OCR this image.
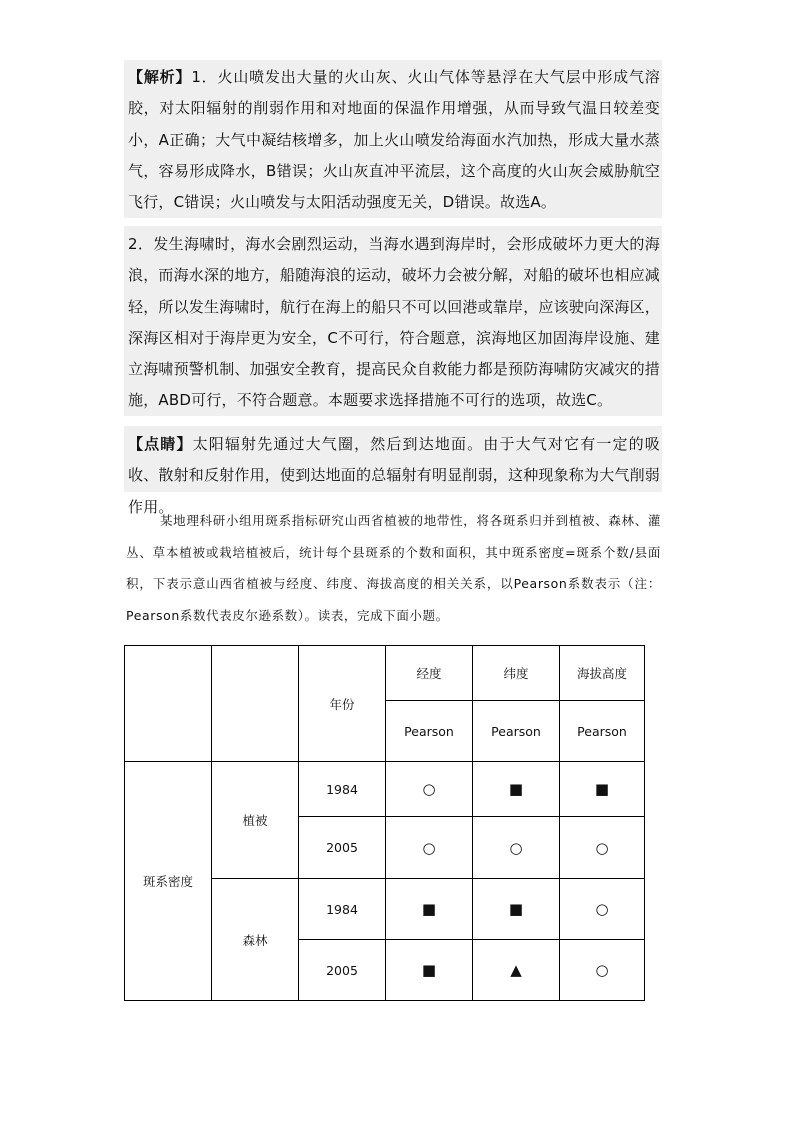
【解析】1．火山喷发出大量的火山灰、火山气体等悬浮在大气层中形成气溶胶，对太阳辐射的削弱作用和对地面的保温作用增强，从而导致气温日较差变小，A正确；大气中凝结核增多，加上火山喷发给海面水汽加热，形成大量水蒸气，容易形成降水，B错误；火山灰直冲平流层，这个高度的火山灰会威胁航空飞行，C错误；火山喷发与太阳活动强度无关，D错误。故选A。

2．发生海啸时，海水会剧烈运动，当海水遇到海岸时，会形成破坏力更大的海浪，而海水深的地方，船随海浪的运动，破坏力会被分解，对船的破坏也相应减轻，所以发生海啸时，航行在海上的船只不可以回港或靠岸，应该驶向深海区，深海区相对于海岸更为安全，C不可行，符合题意，滨海地区加固海岸设施、建立海啸预警机制、加强安全教育，提高民众自救能力都是预防海啸防灾减灾的措施，ABD可行，不符合题意。本题要求选择措施不可行的选项，故选C。

【点睛】太阳辐射先通过大气圈，然后到达地面。由于大气对它有一定的吸收、散射和反射作用，使到达地面的总辐射有明显削弱，这种现象称为大气削弱作用。

某地理科研小组用斑系指标研究山西省植被的地带性，将各斑系归并到植被、森林、灌丛、草本植被或栽培植被后，统计每个县斑系的个数和面积，其中斑系密度=斑系个数/县面积，下表示意山西省植被与经度、纬度、海拔高度的相关关系，以Pearson系数表示（注：Pearson系数代表皮尔逊系数）。读表，完成下面小题。

		年份	经度	纬度	海拔高度
			Pearson	Pearson	Pearson
斑系密度	植被	1984	○	■	■
		2005	○	○	○
	森林	1984	■	■	○
		2005	■	▲	○
